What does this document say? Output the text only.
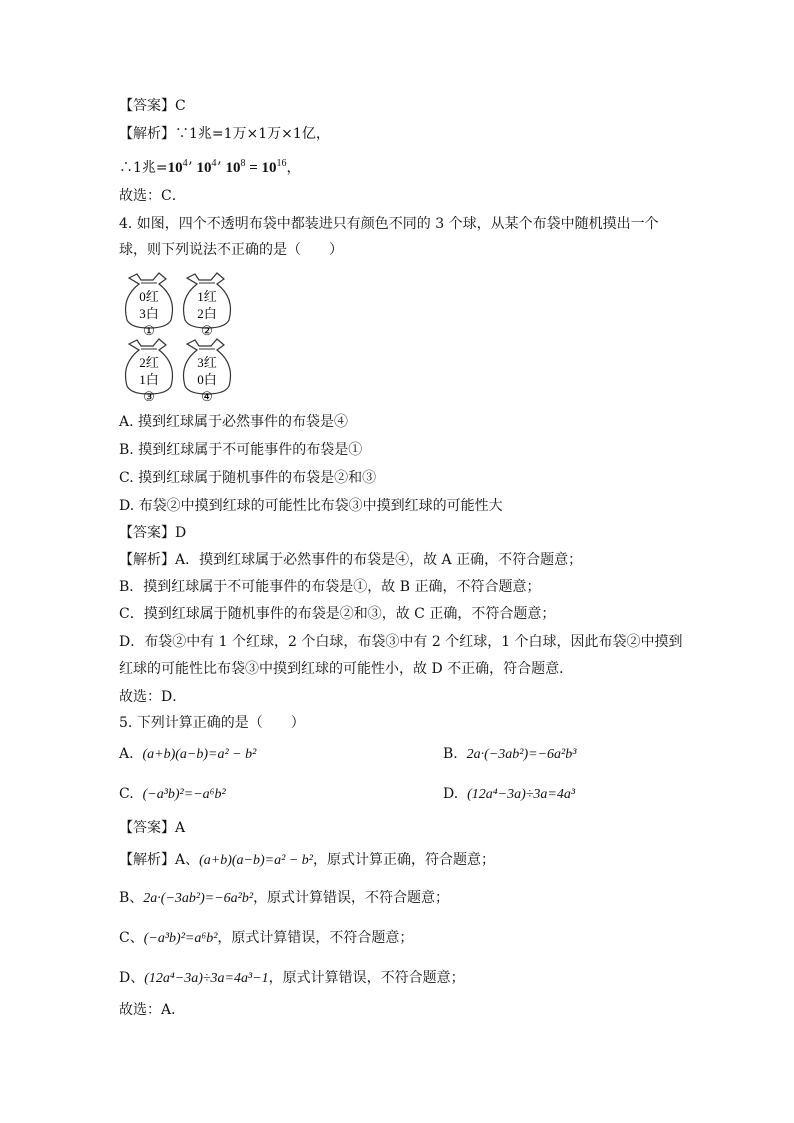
【答案】C
【解析】∵1兆=1万×1万×1亿，
∴1兆$=10^4ʼ$ $10^4ʼ$ $10^8 = 10^{16}$，
故选：C．
4. 如图，四个不透明布袋中都装进只有颜色不同的 3 个球，从某个布袋中随机摸出一个
球，则下列说法不正确的是（　　）
0红
3白
①
1红
2白
②
2红
1白
③
3红
0白
④
A. 摸到红球属于必然事件的布袋是④
B. 摸到红球属于不可能事件的布袋是①
C. 摸到红球属于随机事件的布袋是②和③
D. 布袋②中摸到红球的可能性比布袋③中摸到红球的可能性大
【答案】D
【解析】A．摸到红球属于必然事件的布袋是④，故 A 正确，不符合题意；
B．摸到红球属于不可能事件的布袋是①，故 B 正确，不符合题意；
C．摸到红球属于随机事件的布袋是②和③，故 C 正确，不符合题意；
D．布袋②中有 1 个红球，2 个白球，布袋③中有 2 个红球，1 个白球，因此布袋②中摸到
红球的可能性比布袋③中摸到红球的可能性小，故 D 不正确，符合题意．
故选：D．
5. 下列计算正确的是（　　）
A. (a+b)(a−b)=a² − b²	B. 2a·(−3ab²)=−6a²b³
C. (−a³b)²=−a⁶b²	D. (12a⁴−3a)÷3a=4a³
【答案】A
【解析】A、(a+b)(a−b)=a² − b²，原式计算正确，符合题意；
B、2a·(−3ab²)=−6a²b²，原式计算错误，不符合题意；
C、(−a³b)²=a⁶b²，原式计算错误，不符合题意；
D、(12a⁴−3a)÷3a=4a³−1，原式计算错误，不符合题意；
故选：A．
